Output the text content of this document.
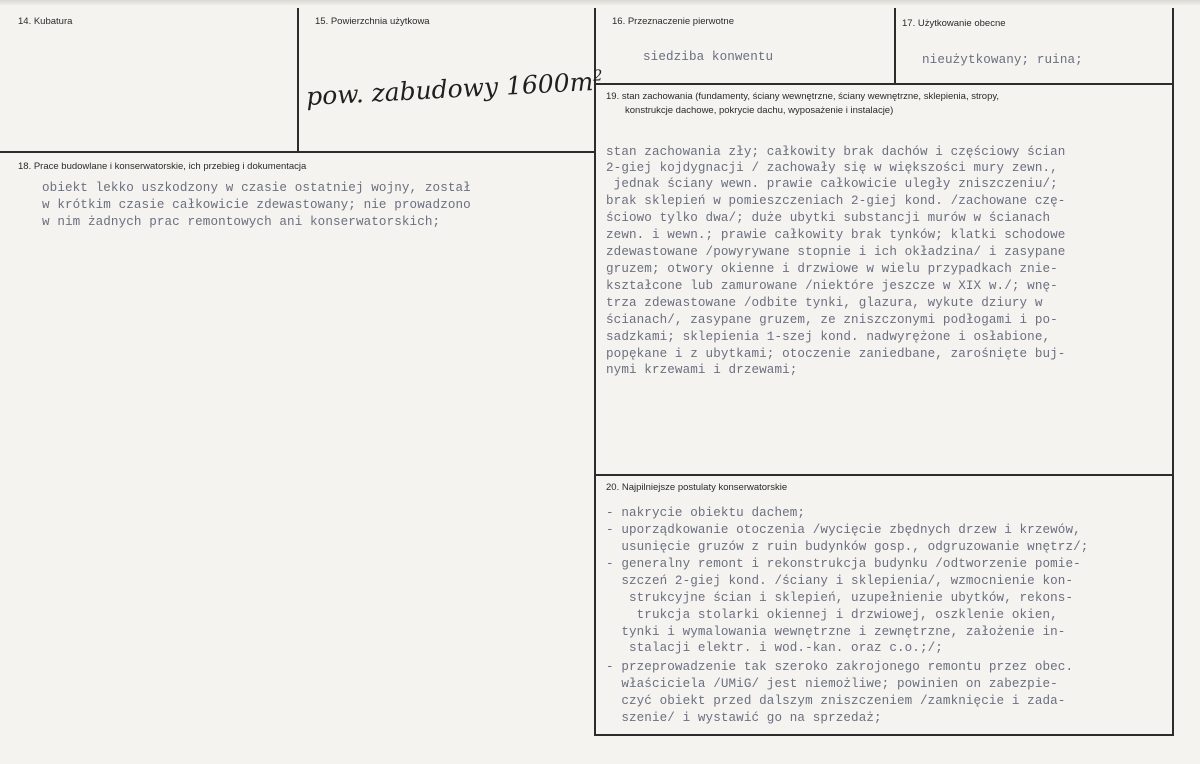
14. Kubatura	15. Powierzchnia użytkowa
pow. zabudowy $1600m^2$
16. Przeznaczenie pierwotne
siedziba konwentu
17. Użytkowanie obecne
nieużytkowany; ruina;
18. Prace budowlane i konserwatorskie, ich przebieg i dokumentacja
obiekt lekko uszkodzony w czasie ostatniej wojny, został
w krótkim czasie całkowicie zdewastowany; nie prowadzono
w nim żadnych prac remontowych ani konserwatorskich;
19. stan zachowania (fundamenty, ściany wewnętrzne, ściany wewnętrzne, sklepienia, stropy,
konstrukcje dachowe, pokrycie dachu, wyposażenie i instalacje)
stan zachowania zły; całkowity brak dachów i częściowy ścian
2-giej kojdygnacji / zachowały się w większości mury zewn.,
jednak ściany wewn. prawie całkowicie uległy zniszczeniu/;
brak sklepień w pomieszczeniach 2-giej kond. /zachowane czę-
ściowo tylko dwa/; duże ubytki substancji murów w ścianach
zewn. i wewn.; prawie całkowity brak tynków; klatki schodowe
zdewastowane /powyrywane stopnie i ich okładzina/ i zasypane
gruzem; otwory okienne i drzwiowe w wielu przypadkach znie-
kształcone lub zamurowane /niektóre jeszcze w XIX w./; wnę-
trza zdewastowane /odbite tynki, glazura, wykute dziury w
ścianach/, zasypane gruzem, ze zniszczonymi podłogami i po-
sadzkami; sklepienia 1-szej kond. nadwyrężone i osłabione,
popękane i z ubytkami; otoczenie zaniedbane, zarośnięte buj-
nymi krzewami i drzewami;
20. Najpilniejsze postulaty konserwatorskie
- nakrycie obiektu dachem;
- uporządkowanie otoczenia /wycięcie zbędnych drzew i krzewów,
usunięcie gruzów z ruin budynków gosp., odgruzowanie wnętrz/;
- generalny remont i rekonstrukcja budynku /odtworzenie pomie-
szczeń 2-giej kond. /ściany i sklepienia/, wzmocnienie kon-
strukcyjne ścian i sklepień, uzupełnienie ubytków, rekons-
trukcja stolarki okiennej i drzwiowej, oszklenie okien,
tynki i wymalowania wewnętrzne i zewnętrzne, założenie in-
stalacji elektr. i wod.-kan. oraz c.o.;/;
- przeprowadzenie tak szeroko zakrojonego remontu przez obec.
właściciela /UMiG/ jest niemożliwe; powinien on zabezpie-
czyć obiekt przed dalszym zniszczeniem /zamknięcie i zada-
szenie/ i wystawić go na sprzedaż;
